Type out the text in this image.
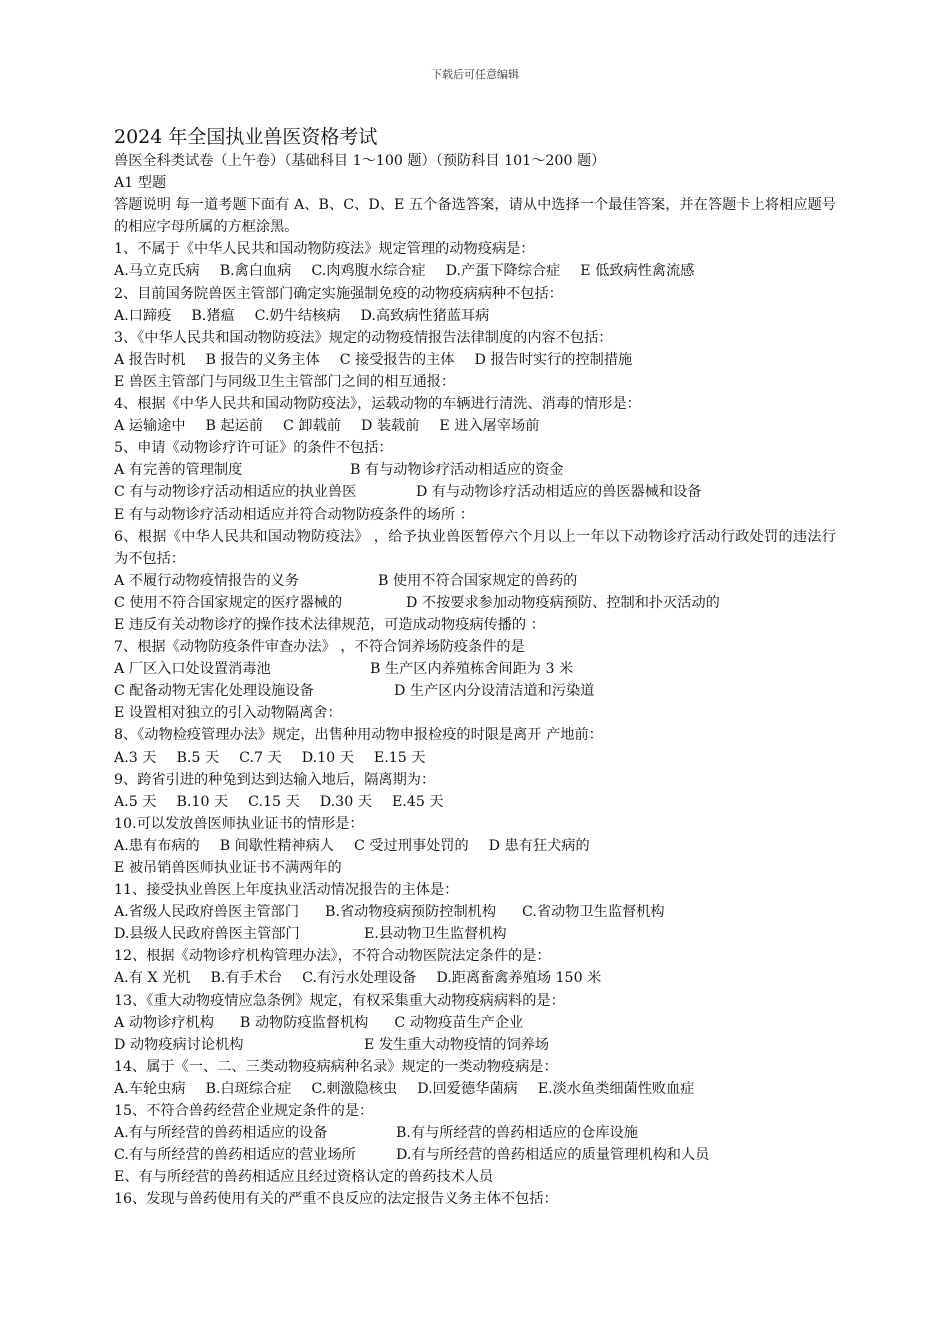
下载后可任意编辑
2024 年全国执业兽医资格考试
兽医全科类试卷（上午卷）（基础科目 1～100 题）（预防科目 101～200 题）
A1 型题
答题说明 每一道考题下面有 A、B、C、D、E 五个备选答案，请从中选择一个最佳答案，并在答题卡上将相应题号的相应字母所属的方框涂黑。
1、不属于《中华人民共和国动物防疫法》规定管理的动物疫病是：
A.马立克氏病 B.禽白血病 C.肉鸡腹水综合症 D.产蛋下降综合症 E 低致病性禽流感
2、目前国务院兽医主管部门确定实施强制免疫的动物疫病病种不包括：
A.口蹄疫 B.猪瘟 C.奶牛结核病 D.高致病性猪蓝耳病
3、《中华人民共和国动物防疫法》规定的动物疫情报告法律制度的内容不包括：
A 报告时机 B 报告的义务主体 C 接受报告的主体 D 报告时实行的控制措施
E 兽医主管部门与同级卫生主管部门之间的相互通报：
4、根据《中华人民共和国动物防疫法》，运载动物的车辆进行清洗、消毒的情形是：
A 运输途中 B 起运前 C 卸载前 D 装载前 E 进入屠宰场前
5、申请《动物诊疗许可证》的条件不包括：
A 有完善的管理制度	B 有与动物诊疗活动相适应的资金
C 有与动物诊疗活动相适应的执业兽医	D 有与动物诊疗活动相适应的兽医器械和设备
E 有与动物诊疗活动相适应并符合动物防疫条件的场所 ：
6、根据《中华人民共和国动物防疫法》 ，给予执业兽医暂停六个月以上一年以下动物诊疗活动行政处罚的违法行为不包括：
A 不履行动物疫情报告的义务	B 使用不符合国家规定的兽药的
C 使用不符合国家规定的医疗器械的	D 不按要求参加动物疫病预防、控制和扑灭活动的
E 违反有关动物诊疗的操作技术法律规范，可造成动物疫病传播的 ：
7、根据《动物防疫条件审查办法》 ，不符合饲养场防疫条件的是
A 厂区入口处设置消毒池	B 生产区内养殖栋舍间距为 3 米
C 配备动物无害化处理设施设备	D 生产区内分设清洁道和污染道
E 设置相对独立的引入动物隔离舍：
8、《动物检疫管理办法》规定，出售种用动物申报检疫的时限是离开 产地前：
A.3 天 B.5 天 C.7 天 D.10 天 E.15 天
9、跨省引进的种兔到达到达输入地后，隔离期为：
A.5 天 B.10 天 C.15 天 D.30 天 E.45 天
10.可以发放兽医师执业证书的情形是：
A.患有布病的 B 间歇性精神病人 C 受过刑事处罚的 D 患有狂犬病的
E 被吊销兽医师执业证书不满两年的
11、接受执业兽医上年度执业活动情况报告的主体是：
A.省级人民政府兽医主管部门 B.省动物疫病预防控制机构 C.省动物卫生监督机构
D.县级人民政府兽医主管部门	E.县动物卫生监督机构
12、根据《动物诊疗机构管理办法》，不符合动物医院法定条件的是：
A.有 X 光机 B.有手术台 C.有污水处理设备 D.距离畜禽养殖场 150 米
13、《重大动物疫情应急条例》规定，有权采集重大动物疫病病料的是：
A 动物诊疗机构 B 动物防疫监督机构 C 动物疫苗生产企业
D 动物疫病讨论机构	E 发生重大动物疫情的饲养场
14、属于《一、二、三类动物疫病病种名录》规定的一类动物疫病是：
A.车轮虫病 B.白斑综合症 C.刺激隐核虫 D.回爱德华菌病 E.淡水鱼类细菌性败血症
15、不符合兽药经营企业规定条件的是：
A.有与所经营的兽药相适应的设备	B.有与所经营的兽药相适应的仓库设施
C.有与所经营的兽药相适应的营业场所	D.有与所经营的兽药相适应的质量管理机构和人员
E、有与所经营的兽药相适应且经过资格认定的兽药技术人员
16、发现与兽药使用有关的严重不良反应的法定报告义务主体不包括：
